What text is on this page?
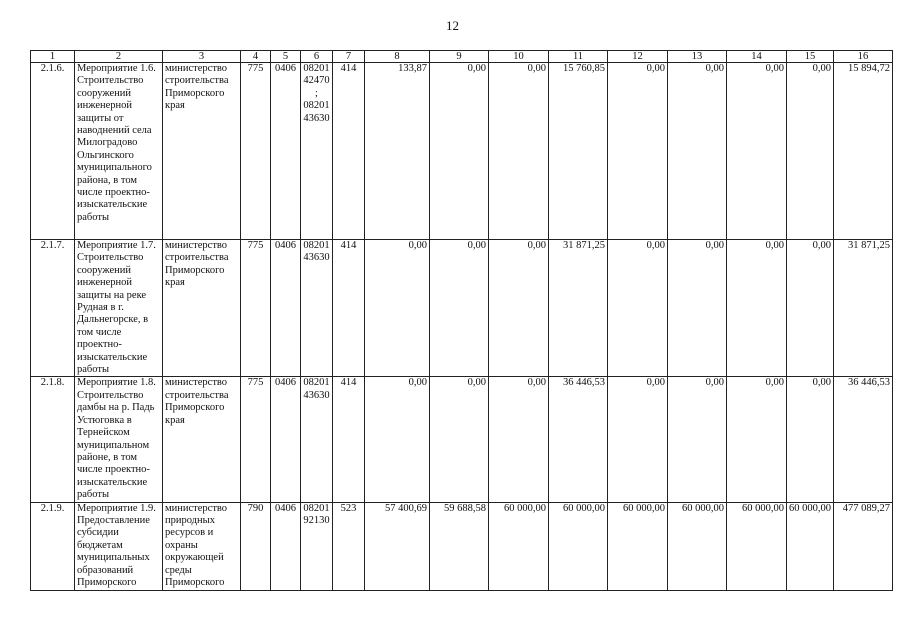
12
1	2	3	4	5	6	7	8	9	10	11	12	13	14	15	16
2.1.6.	Мероприятие 1.6. Строительство сооружений инженерной защиты от наводнений села Милоградово Ольгинского муниципального района, в том числе проектно-изыскательские работы	министерство строительства Приморского края	775	0406	08201 42470; 08201 43630	414	133,87	0,00	0,00	15 760,85	0,00	0,00	0,00	0,00	15 894,72
2.1.7.	Мероприятие 1.7. Строительство сооружений инженерной защиты на реке Рудная в г. Дальнегорске, в том числе проектно-изыскательские работы	министерство строительства Приморского края	775	0406	08201 43630	414	0,00	0,00	0,00	31 871,25	0,00	0,00	0,00	0,00	31 871,25
2.1.8.	Мероприятие 1.8. Строительство дамбы на р. Падь Устюговка в Тернейском муниципальном районе, в том числе проектно-изыскательские работы	министерство строительства Приморского края	775	0406	08201 43630	414	0,00	0,00	0,00	36 446,53	0,00	0,00	0,00	0,00	36 446,53
2.1.9.	Мероприятие 1.9. Предоставление субсидии бюджетам муниципальных образований Приморского	министерство природных ресурсов и охраны окружающей среды Приморского	790	0406	08201 92130	523	57 400,69	59 688,58	60 000,00	60 000,00	60 000,00	60 000,00	60 000,00	60 000,00	477 089,27
